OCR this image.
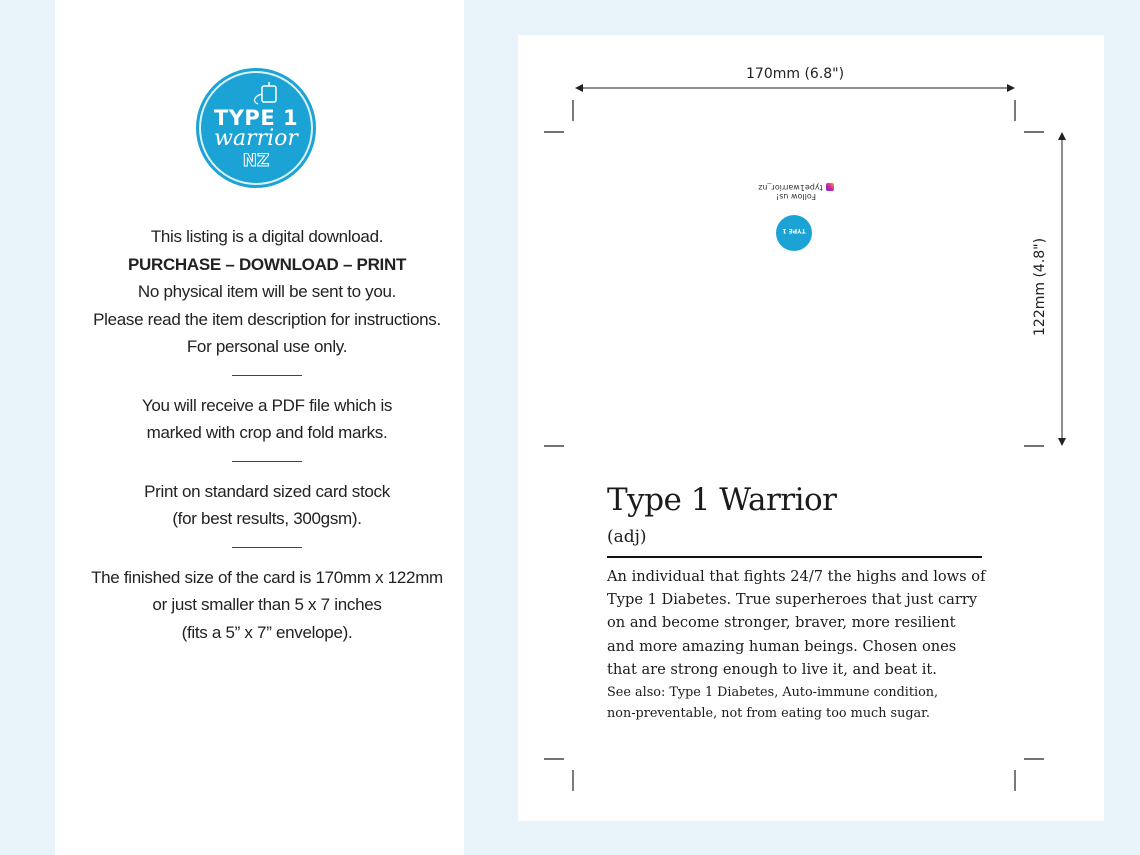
TYPE 1
warrior
NZ
This listing is a digital download.
PURCHASE – DOWNLOAD – PRINT
No physical item will be sent to you.
Please read the item description for instructions.
For personal use only.
You will receive a PDF file which is
marked with crop and fold marks.
Print on standard sized card stock
(for best results, 300gsm).
The finished size of the card is 170mm x 122mm
or just smaller than 5 x 7 inches
(fits a 5” x 7” envelope).
170mm (6.8")
122mm (4.8")
Follow us!
type1warrior_nz
TYPE 1
Type 1 Warrior
(adj)
An individual that fights 24/7 the highs and lows of
Type 1 Diabetes. True superheroes that just carry
on and become stronger, braver, more resilient
and more amazing human beings. Chosen ones
that are strong enough to live it, and beat it.
See also: Type 1 Diabetes, Auto-immune condition,
non-preventable, not from eating too much sugar.
